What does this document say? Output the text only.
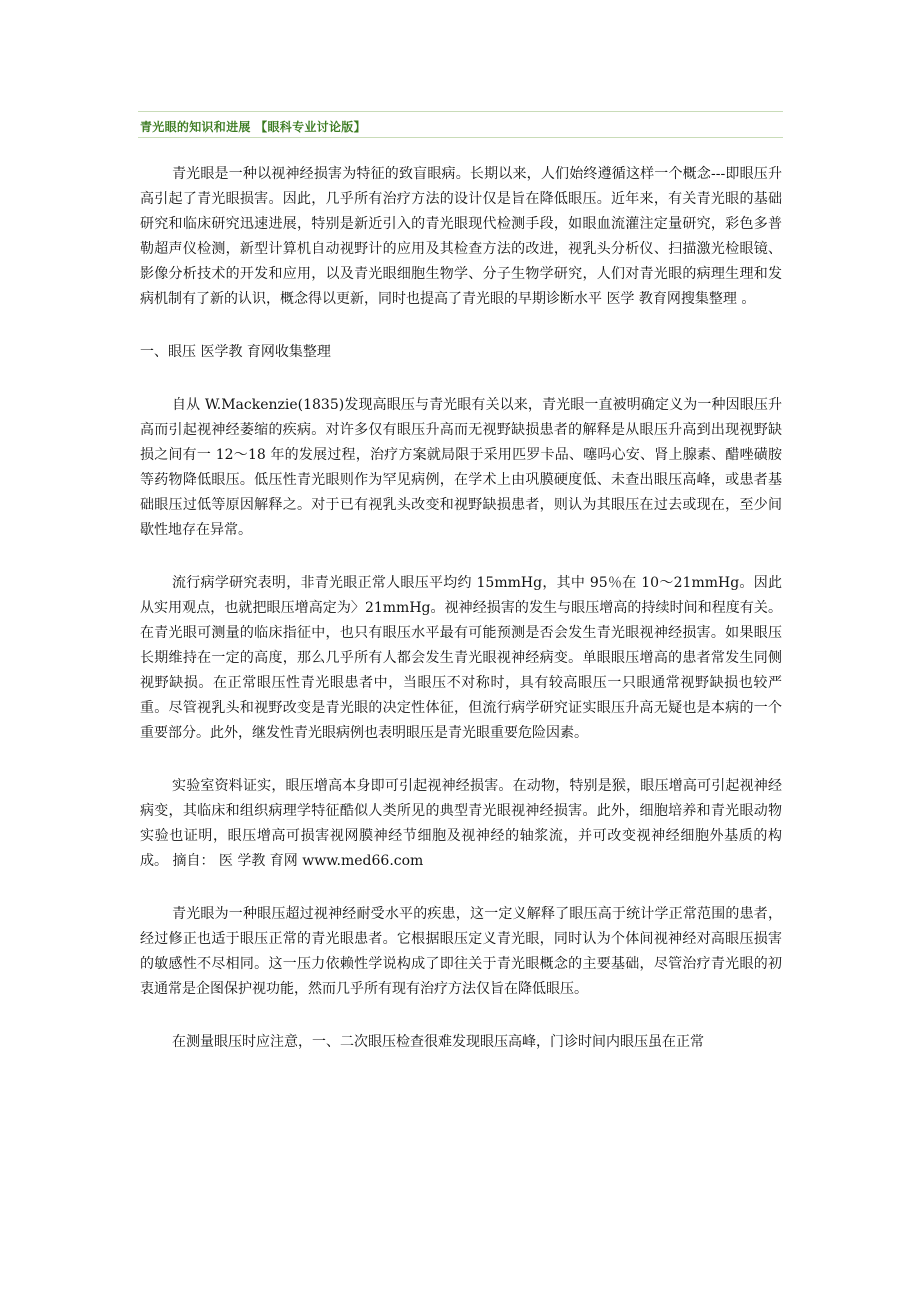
青光眼的知识和进展 【眼科专业讨论版】

青光眼是一种以视神经损害为特征的致盲眼病。长期以来，人们始终遵循这样一个概念---即眼压升高引起了青光眼损害。因此，几乎所有治疗方法的设计仅是旨在降低眼压。近年来，有关青光眼的基础研究和临床研究迅速进展，特别是新近引入的青光眼现代检测手段，如眼血流灌注定量研究，彩色多普勒超声仪检测，新型计算机自动视野计的应用及其检查方法的改进，视乳头分析仪、扫描激光检眼镜、影像分析技术的开发和应用，以及青光眼细胞生物学、分子生物学研究，人们对青光眼的病理生理和发病机制有了新的认识，概念得以更新，同时也提高了青光眼的早期诊断水平 医学 教育网搜集整理 。

一、眼压 医学教 育网收集整理

自从 W.Mackenzie(1835)发现高眼压与青光眼有关以来，青光眼一直被明确定义为一种因眼压升高而引起视神经萎缩的疾病。对许多仅有眼压升高而无视野缺损患者的解释是从眼压升高到出现视野缺损之间有一 12～18 年的发展过程，治疗方案就局限于采用匹罗卡品、噻吗心安、肾上腺素、醋唑磺胺等药物降低眼压。低压性青光眼则作为罕见病例，在学术上由巩膜硬度低、未查出眼压高峰，或患者基础眼压过低等原因解释之。对于已有视乳头改变和视野缺损患者，则认为其眼压在过去或现在，至少间歇性地存在异常。

流行病学研究表明，非青光眼正常人眼压平均约 15mmHg，其中 95％在 10～21mmHg。因此从实用观点，也就把眼压增高定为〉21mmHg。视神经损害的发生与眼压增高的持续时间和程度有关。在青光眼可测量的临床指征中，也只有眼压水平最有可能预测是否会发生青光眼视神经损害。如果眼压长期维持在一定的高度，那么几乎所有人都会发生青光眼视神经病变。单眼眼压增高的患者常发生同侧视野缺损。在正常眼压性青光眼患者中，当眼压不对称时，具有较高眼压一只眼通常视野缺损也较严重。尽管视乳头和视野改变是青光眼的决定性体征，但流行病学研究证实眼压升高无疑也是本病的一个重要部分。此外，继发性青光眼病例也表明眼压是青光眼重要危险因素。

实验室资料证实，眼压增高本身即可引起视神经损害。在动物，特别是猴，眼压增高可引起视神经病变，其临床和组织病理学特征酷似人类所见的典型青光眼视神经损害。此外，细胞培养和青光眼动物实验也证明，眼压增高可损害视网膜神经节细胞及视神经的轴浆流，并可改变视神经细胞外基质的构成。 摘自： 医 学教 育网 www.med66.com

青光眼为一种眼压超过视神经耐受水平的疾患，这一定义解释了眼压高于统计学正常范围的患者，经过修正也适于眼压正常的青光眼患者。它根据眼压定义青光眼，同时认为个体间视神经对高眼压损害的敏感性不尽相同。这一压力依赖性学说构成了即往关于青光眼概念的主要基础，尽管治疗青光眼的初衷通常是企图保护视功能，然而几乎所有现有治疗方法仅旨在降低眼压。

在测量眼压时应注意，一、二次眼压检查很难发现眼压高峰，门诊时间内眼压虽在正常
